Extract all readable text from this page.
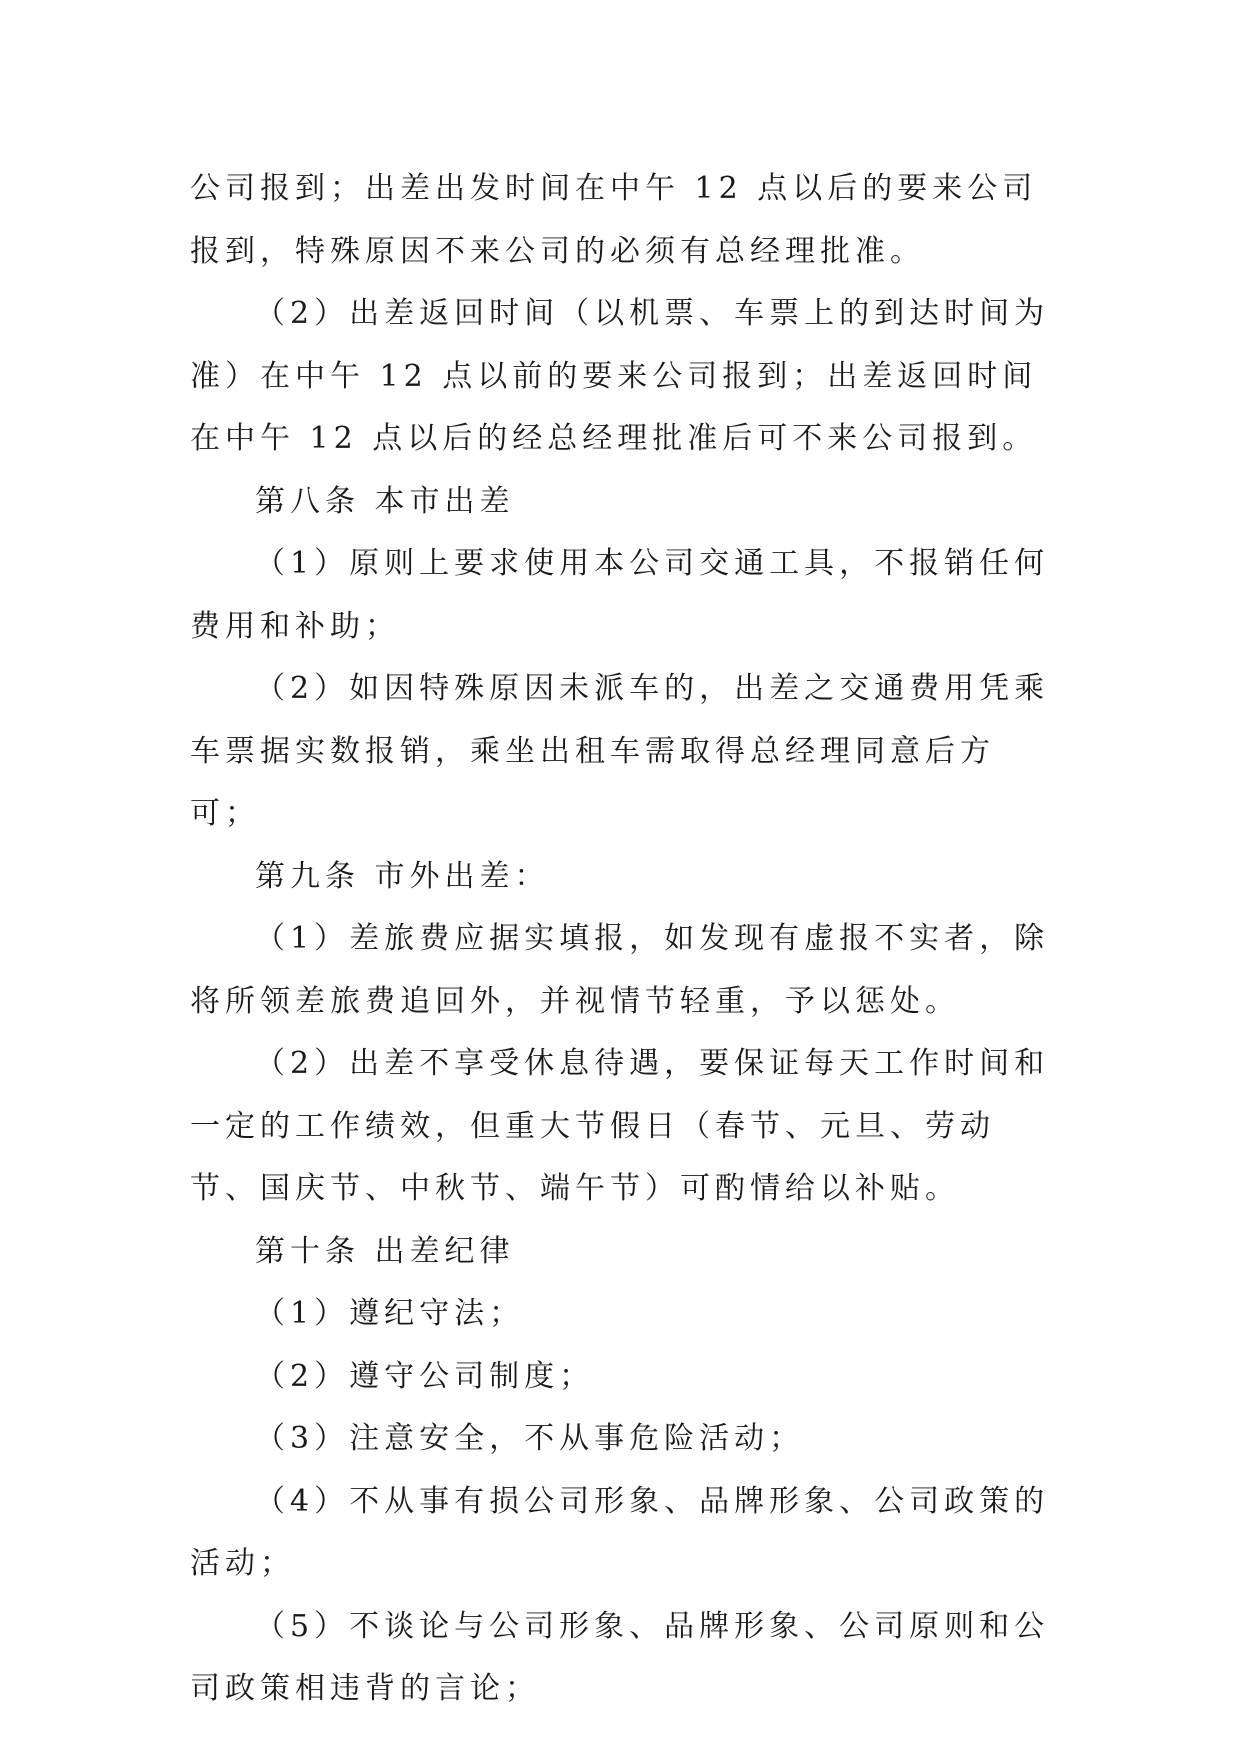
公司报到；出差出发时间在中午 12 点以后的要来公司报到，特殊原因不来公司的必须有总经理批准。

（2）出差返回时间（以机票、车票上的到达时间为准）在中午 12 点以前的要来公司报到；出差返回时间在中午 12 点以后的经总经理批准后可不来公司报到。

第八条 本市出差

（1）原则上要求使用本公司交通工具，不报销任何费用和补助；

（2）如因特殊原因未派车的，出差之交通费用凭乘车票据实数报销，乘坐出租车需取得总经理同意后方可；

第九条 市外出差：

（1）差旅费应据实填报，如发现有虚报不实者，除将所领差旅费追回外，并视情节轻重，予以惩处。

（2）出差不享受休息待遇，要保证每天工作时间和一定的工作绩效，但重大节假日（春节、元旦、劳动节、国庆节、中秋节、端午节）可酌情给以补贴。

第十条 出差纪律

（1）遵纪守法；

（2）遵守公司制度；

（3）注意安全，不从事危险活动；

（4）不从事有损公司形象、品牌形象、公司政策的活动；

（5）不谈论与公司形象、品牌形象、公司原则和公司政策相违背的言论；
